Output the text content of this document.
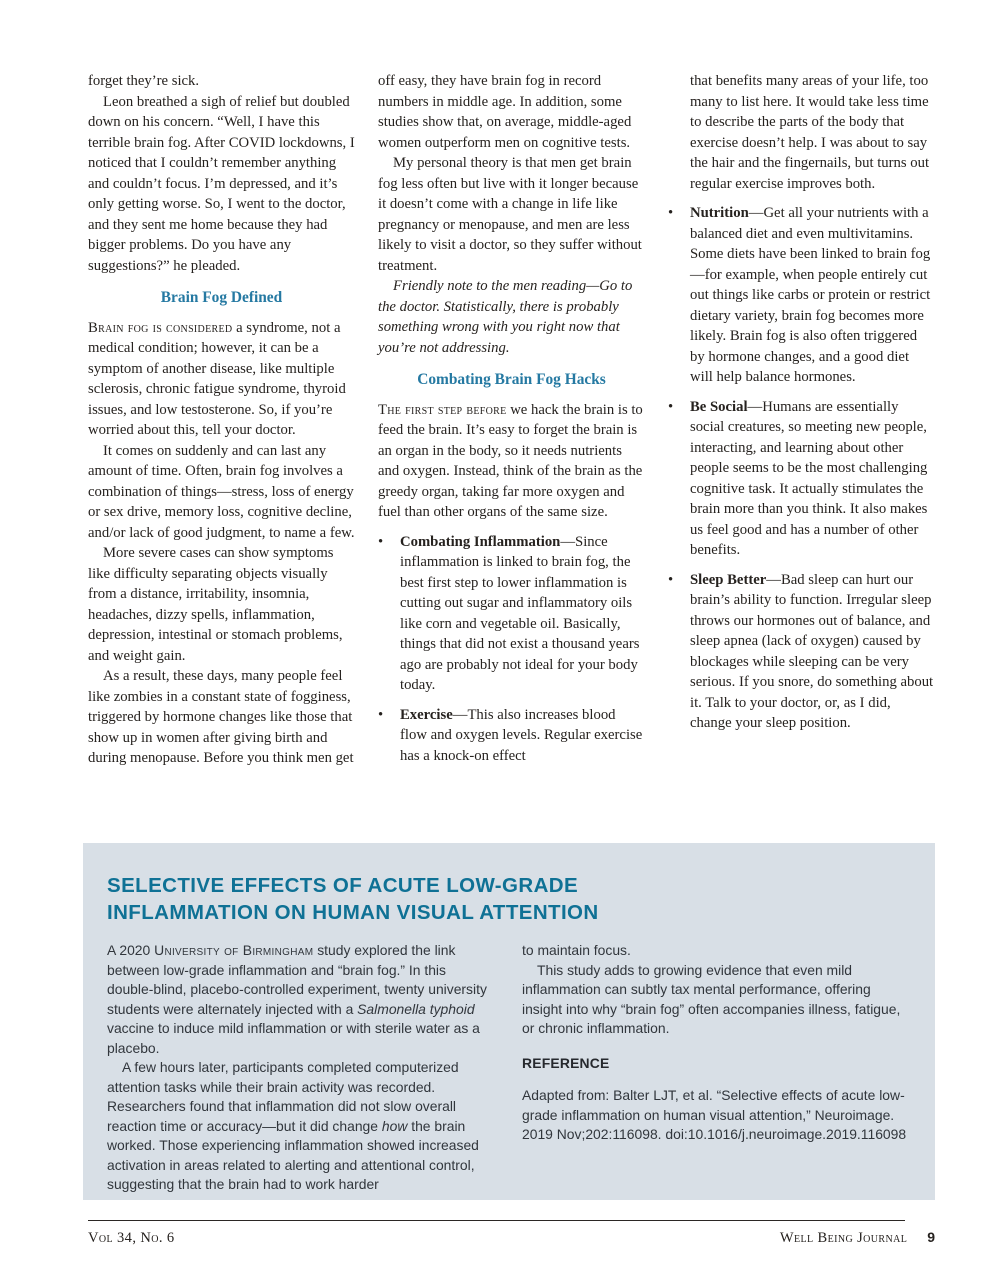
forget they’re sick.

Leon breathed a sigh of relief but doubled down on his concern. “Well, I have this terrible brain fog. After COVID lockdowns, I noticed that I couldn’t remember anything and couldn’t focus. I’m depressed, and it’s only getting worse. So, I went to the doctor, and they sent me home because they had bigger problems. Do you have any suggestions?” he pleaded.

Brain Fog Defined

Brain fog is considered a syndrome, not a medical condition; however, it can be a symptom of another disease, like multiple sclerosis, chronic fatigue syndrome, thyroid issues, and low testosterone. So, if you’re worried about this, tell your doctor.

It comes on suddenly and can last any amount of time. Often, brain fog involves a combination of things—stress, loss of energy or sex drive, memory loss, cognitive decline, and/or lack of good judgment, to name a few.

More severe cases can show symptoms like difficulty separating objects visually from a distance, irritability, insomnia, headaches, dizzy spells, inflammation, depression, intestinal or stomach problems, and weight gain.

As a result, these days, many people feel like zombies in a constant state of fogginess, triggered by hormone changes like those that show up in women after giving birth and during menopause. Before you think men get

off easy, they have brain fog in record numbers in middle age. In addition, some studies show that, on average, middle-aged women outperform men on cognitive tests.

My personal theory is that men get brain fog less often but live with it longer because it doesn’t come with a change in life like pregnancy or menopause, and men are less likely to visit a doctor, so they suffer without treatment.

Friendly note to the men reading—Go to the doctor. Statistically, there is probably something wrong with you right now that you’re not addressing.

Combating Brain Fog Hacks

The first step before we hack the brain is to feed the brain. It’s easy to forget the brain is an organ in the body, so it needs nutrients and oxygen. Instead, think of the brain as the greedy organ, taking far more oxygen and fuel than other organs of the same size.

•	Combating Inflammation—Since inflammation is linked to brain fog, the best first step to lower inflammation is cutting out sugar and inflammatory oils like corn and vegetable oil. Basically, things that did not exist a thousand years ago are probably not ideal for your body today.
•	Exercise—This also increases blood flow and oxygen levels. Regular exercise has a knock-on effect

that benefits many areas of your life, too many to list here. It would take less time to describe the parts of the body that exercise doesn’t help. I was about to say the hair and the fingernails, but turns out regular exercise improves both.

•	Nutrition—Get all your nutrients with a balanced diet and even multivitamins. Some diets have been linked to brain fog—for example, when people entirely cut out things like carbs or protein or restrict dietary variety, brain fog becomes more likely. Brain fog is also often triggered by hormone changes, and a good diet will help balance hormones.
•	Be Social—Humans are essentially social creatures, so meeting new people, interacting, and learning about other people seems to be the most challenging cognitive task. It actually stimulates the brain more than you think. It also makes us feel good and has a number of other benefits.
•	Sleep Better—Bad sleep can hurt our brain’s ability to function. Irregular sleep throws our hormones out of balance, and sleep apnea (lack of oxygen) caused by blockages while sleeping can be very serious. If you snore, do something about it. Talk to your doctor, or, as I did, change your sleep position.
SELECTIVE EFFECTS OF ACUTE LOW-GRADE INFLAMMATION ON HUMAN VISUAL ATTENTION

A 2020 University of Birmingham study explored the link between low-grade inflammation and “brain fog.” In this double-blind, placebo-controlled experiment, twenty university students were alternately injected with a Salmonella typhoid vaccine to induce mild inflammation or with sterile water as a placebo.

A few hours later, participants completed computerized attention tasks while their brain activity was recorded. Researchers found that inflammation did not slow overall reaction time or accuracy—but it did change how the brain worked. Those experiencing inflammation showed increased activation in areas related to alerting and attentional control, suggesting that the brain had to work harder

to maintain focus.

This study adds to growing evidence that even mild inflammation can subtly tax mental performance, offering insight into why “brain fog” often accompanies illness, fatigue, or chronic inflammation.

REFERENCE

Adapted from: Balter LJT, et al. “Selective effects of acute low-grade inflammation on human visual attention,” Neuroimage. 2019 Nov;202:116098. doi:10.1016/j.neuroimage.2019.116098

Vol 34, No. 6	Well Being Journal 9
